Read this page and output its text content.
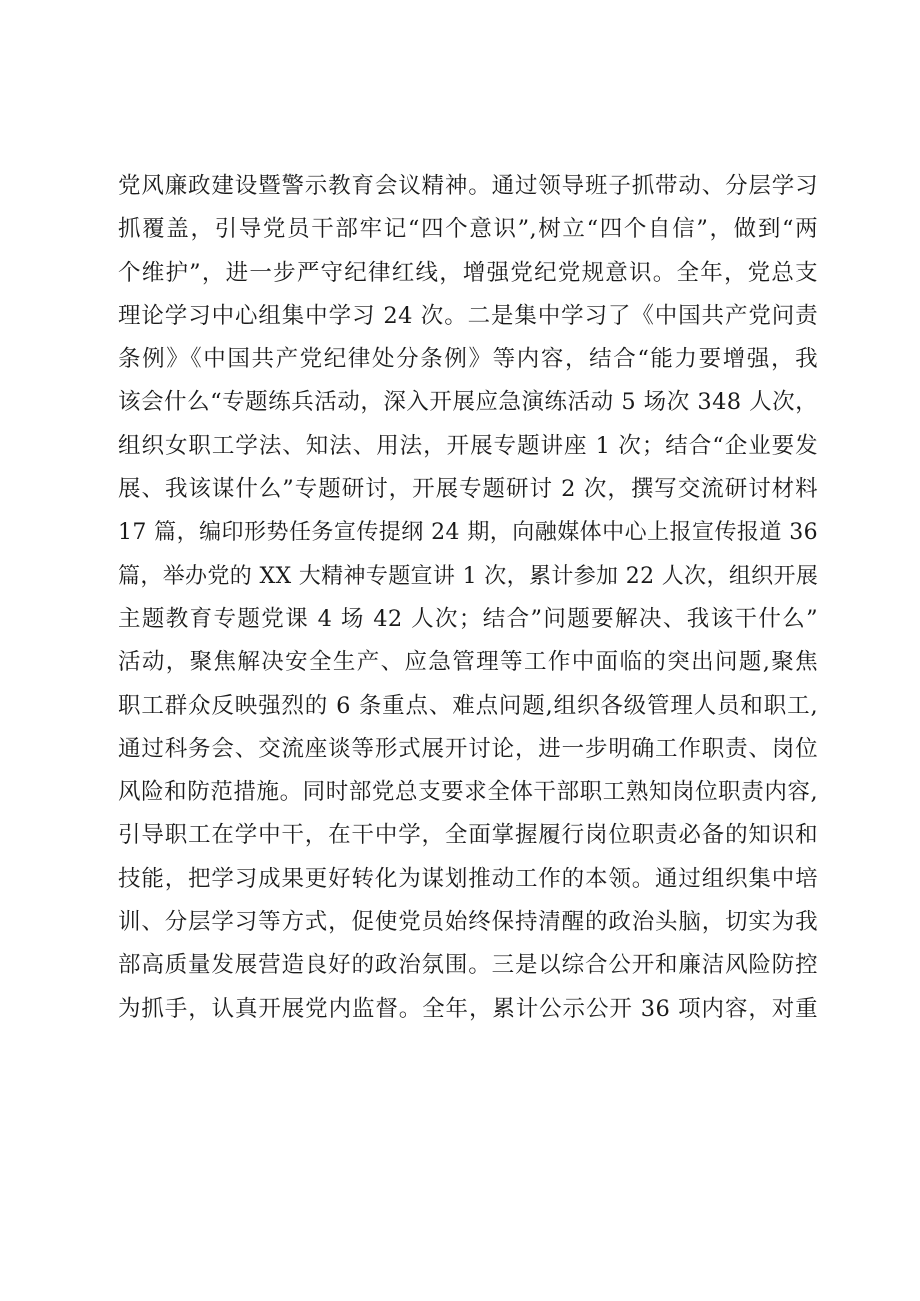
党风廉政建设暨警示教育会议精神。通过领导班子抓带动、分层学习
抓覆盖，引导党员干部牢记“四个意识”,树立“四个自信”，做到“两
个维护”，进一步严守纪律红线，增强党纪党规意识。全年，党总支
理论学习中心组集中学习 24 次。二是集中学习了《中国共产党问责
条例》《中国共产党纪律处分条例》等内容，结合“能力要增强，我
该会什么“专题练兵活动，深入开展应急演练活动 5 场次 348 人次，
组织女职工学法、知法、用法，开展专题讲座 1 次；结合“企业要发
展、我该谋什么”专题研讨，开展专题研讨 2 次，撰写交流研讨材料
17 篇，编印形势任务宣传提纲 24 期，向融媒体中心上报宣传报道 36
篇，举办党的 XX 大精神专题宣讲 1 次，累计参加 22 人次，组织开展
主题教育专题党课 4 场 42 人次；结合”问题要解决、我该干什么”
活动，聚焦解决安全生产、应急管理等工作中面临的突出问题,聚焦
职工群众反映强烈的 6 条重点、难点问题,组织各级管理人员和职工,
通过科务会、交流座谈等形式展开讨论，进一步明确工作职责、岗位
风险和防范措施。同时部党总支要求全体干部职工熟知岗位职责内容,
引导职工在学中干，在干中学，全面掌握履行岗位职责必备的知识和
技能，把学习成果更好转化为谋划推动工作的本领。通过组织集中培
训、分层学习等方式，促使党员始终保持清醒的政治头脑，切实为我
部高质量发展营造良好的政治氛围。三是以综合公开和廉洁风险防控
为抓手，认真开展党内监督。全年，累计公示公开 36 项内容，对重
